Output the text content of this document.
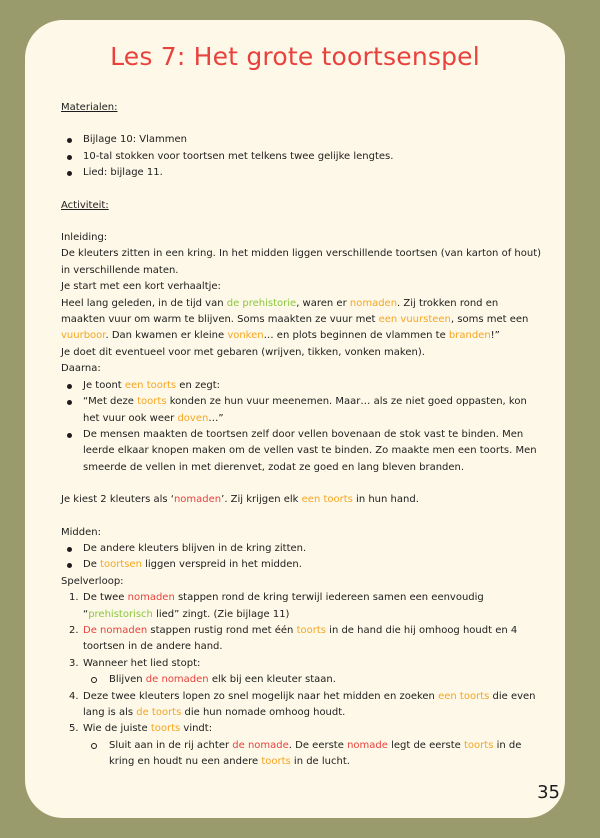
Les 7: Het grote toortsenspel

Materialen:

Bijlage 10: Vlammen
10-tal stokken voor toortsen met telkens twee gelijke lengtes.
Lied: bijlage 11.

Activiteit:

Inleiding:

De kleuters zitten in een kring. In het midden liggen verschillende toortsen (van karton of hout) in verschillende maten.

Je start met een kort verhaaltje:

Heel lang geleden, in de tijd van de prehistorie, waren er nomaden. Zij trokken rond en maakten vuur om warm te blijven. Soms maakten ze vuur met een vuursteen, soms met een vuurboor. Dan kwamen er kleine vonken… en plots beginnen de vlammen te branden!”

Je doet dit eventueel voor met gebaren (wrijven, tikken, vonken maken).

Daarna:

Je toont een toorts en zegt:
“Met deze toorts konden ze hun vuur meenemen. Maar… als ze niet goed oppasten, kon het vuur ook weer doven…”
De mensen maakten de toortsen zelf door vellen bovenaan de stok vast te binden. Men leerde elkaar knopen maken om de vellen vast te binden. Zo maakte men een toorts. Men smeerde de vellen in met dierenvet, zodat ze goed en lang bleven branden.

Je kiest 2 kleuters als ‘nomaden’. Zij krijgen elk een toorts in hun hand.

Midden:

De andere kleuters blijven in de kring zitten.
De toortsen liggen verspreid in het midden.

Spelverloop:

1. De twee nomaden stappen rond de kring terwijl iedereen samen een eenvoudig “prehistorisch lied” zingt. (Zie bijlage 11)
2. De nomaden stappen rustig rond met één toorts in de hand die hij omhoog houdt en 4 toortsen in de andere hand.
3. Wanneer het lied stopt:
Blijven de nomaden elk bij een kleuter staan.
4. Deze twee kleuters lopen zo snel mogelijk naar het midden en zoeken een toorts die even lang is als de toorts die hun nomade omhoog houdt.
5. Wie de juiste toorts vindt:
Sluit aan in de rij achter de nomade. De eerste nomade legt de eerste toorts in de kring en houdt nu een andere toorts in de lucht.
35
